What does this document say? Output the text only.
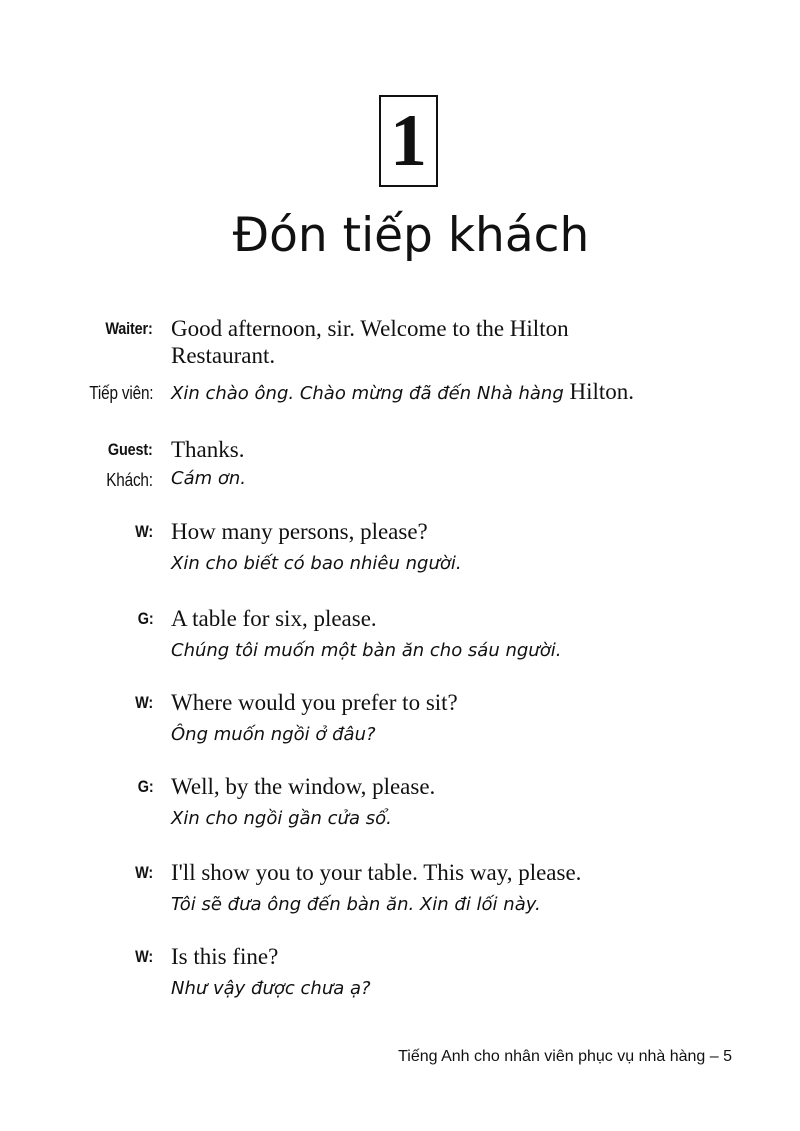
1
Đón tiếp khách
Waiter: Good afternoon, sir. Welcome to the Hilton
Restaurant.
Tiếp viên: Xin chào ông. Chào mừng đã đến Nhà hàng Hilton.
Guest: Thanks.
Khách: Cám ơn.
W: How many persons, please?
Xin cho biết có bao nhiêu người.
G: A table for six, please.
Chúng tôi muốn một bàn ăn cho sáu người.
W: Where would you prefer to sit?
Ông muốn ngồi ở đâu?
G: Well, by the window, please.
Xin cho ngồi gần cửa sổ.
W: I'll show you to your table. This way, please.
Tôi sẽ đưa ông đến bàn ăn. Xin đi lối này.
W: Is this fine?
Như vậy được chưa ạ?
Tiếng Anh cho nhân viên phục vụ nhà hàng – 5
